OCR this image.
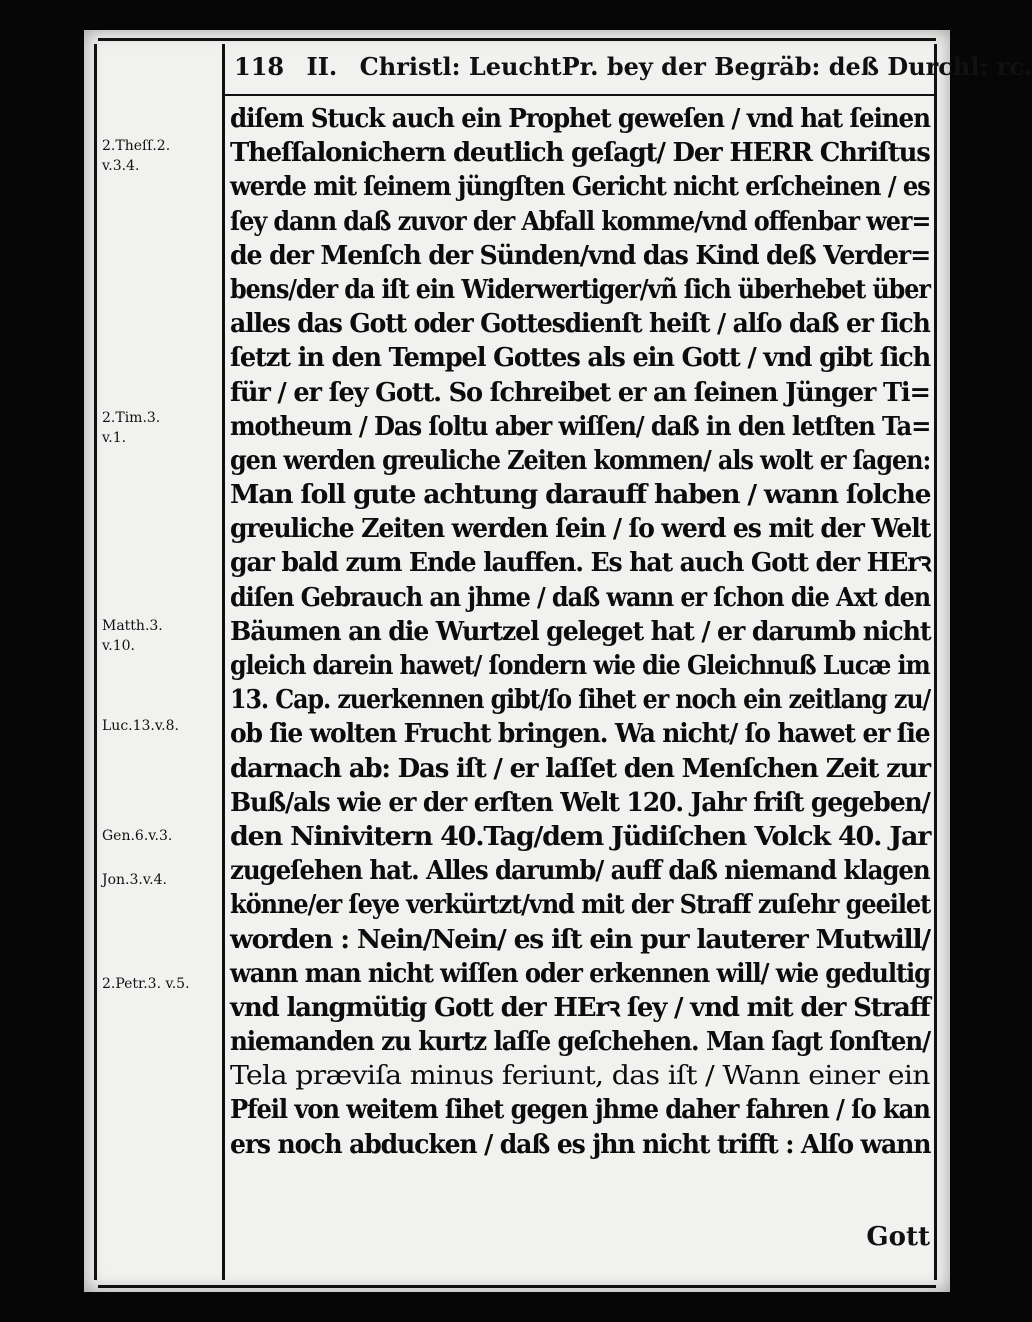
118 II. Christl: LeuchtPr. bey der Begräb: deß Durchl: rc.
2.Theſſ.2.
v.3.4.
2.Tim.3.
v.1.
Matth.3.
v.10.
Luc.13.v.8.
Gen.6.v.3.
Jon.3.v.4.
2.Petr.3. v.5.
diſem Stuck auch ein Prophet geweſen / vnd hat ſeinen
Theſſalonichern deutlich geſagt/ Der HERR Chriſtus
werde mit ſeinem jüngſten Gericht nicht erſcheinen / es
ſey dann daß zuvor der Abfall komme/vnd offenbar wer=
de der Menſch der Sünden/vnd das Kind deß Verder=
bens/der da iſt ein Widerwertiger/vñ ſich überhebet über
alles das Gott oder Gottesdienſt heiſt / alſo daß er ſich
ſetzt in den Tempel Gottes als ein Gott / vnd gibt ſich
für / er ſey Gott. So ſchreibet er an ſeinen Jünger Ti=
motheum / Das ſoltu aber wiſſen/ daß in den letſten Ta=
gen werden greuliche Zeiten kommen/ als wolt er ſagen:
Man ſoll gute achtung darauff haben / wann ſolche
greuliche Zeiten werden ſein / ſo werd es mit der Welt
gar bald zum Ende lauffen. Es hat auch Gott der HErꝛ
diſen Gebrauch an jhme / daß wann er ſchon die Axt den
Bäumen an die Wurtzel geleget hat / er darumb nicht
gleich darein hawet/ ſondern wie die Gleichnuß Lucæ im
13. Cap. zuerkennen gibt/ſo ſihet er noch ein zeitlang zu/
ob ſie wolten Frucht bringen. Wa nicht/ ſo hawet er ſie
darnach ab: Das iſt / er laſſet den Menſchen Zeit zur
Buß/als wie er der erſten Welt 120. Jahr friſt gegeben/
den Ninivitern 40.Tag/dem Jüdiſchen Volck 40. Jar
zugeſehen hat. Alles darumb/ auff daß niemand klagen
könne/er ſeye verkürtzt/vnd mit der Straff zuſehr geeilet
worden : Nein/Nein/ es iſt ein pur lauterer Mutwill/
wann man nicht wiſſen oder erkennen will/ wie gedultig
vnd langmütig Gott der HErꝛ ſey / vnd mit der Straff
niemanden zu kurtz laſſe geſchehen. Man ſagt ſonſten/
Tela præviſa minus feriunt, das iſt / Wann einer ein
Pfeil von weitem ſihet gegen jhme daher fahren / ſo kan
ers noch abducken / daß es jhn nicht trifft : Alſo wann
Gott
